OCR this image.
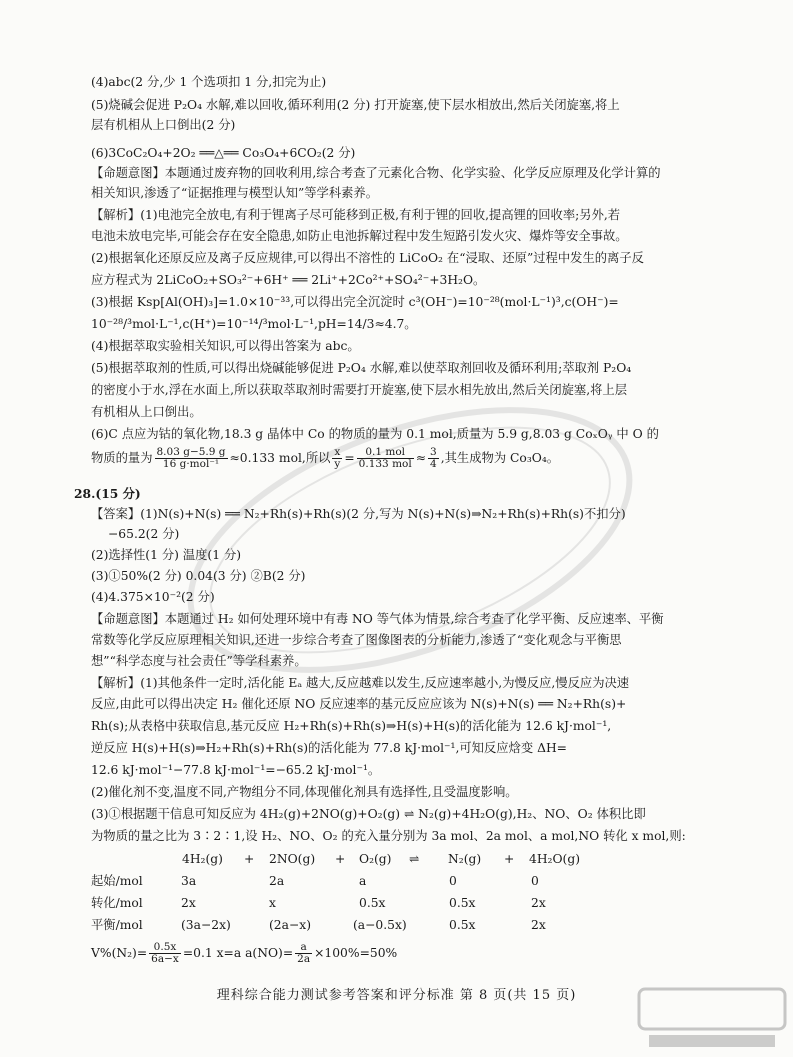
(4)abc(2 分,少 1 个选项扣 1 分,扣完为止)

(5)烧碱会促进 P₂O₄ 水解,难以回收,循环利用(2 分) 打开旋塞,使下层水相放出,然后关闭旋塞,将上

层有机相从上口倒出(2 分)

(6)3CoC₂O₄+2O₂ ══△══ Co₃O₄+6CO₂(2 分)

【命题意图】本题通过废弃物的回收利用,综合考查了元素化合物、化学实验、化学反应原理及化学计算的

相关知识,渗透了“证据推理与模型认知”等学科素养。

【解析】(1)电池完全放电,有利于锂离子尽可能移到正极,有利于锂的回收,提高锂的回收率;另外,若

电池未放电完毕,可能会存在安全隐患,如防止电池拆解过程中发生短路引发火灾、爆炸等安全事故。

(2)根据氧化还原反应及离子反应规律,可以得出不溶性的 LiCoO₂ 在“浸取、还原”过程中发生的离子反

应方程式为 2LiCoO₂+SO₃²⁻+6H⁺ ══ 2Li⁺+2Co²⁺+SO₄²⁻+3H₂O。

(3)根据 Ksp[Al(OH)₃]=1.0×10⁻³³,可以得出完全沉淀时 c³(OH⁻)=10⁻²⁸(mol·L⁻¹)³,c(OH⁻)=

10⁻²⁸/³mol·L⁻¹,c(H⁺)=10⁻¹⁴/³mol·L⁻¹,pH=14/3≈4.7。

(4)根据萃取实验相关知识,可以得出答案为 abc。

(5)根据萃取剂的性质,可以得出烧碱能够促进 P₂O₄ 水解,难以使萃取剂回收及循环利用;萃取剂 P₂O₄

的密度小于水,浮在水面上,所以获取萃取剂时需要打开旋塞,使下层水相先放出,然后关闭旋塞,将上层

有机相从上口倒出。

(6)C 点应为钴的氧化物,18.3 g 晶体中 Co 的物质的量为 0.1 mol,质量为 5.9 g,8.03 g CoₓOᵧ 中 O 的

物质的量为 $\frac{8.03 g-5.9 g}{\text{16 g·mol⁻¹}} \approx 0.133$ mol,所以 $\frac{x}{y} = \frac{\text{0.1 mol}}{\text{0.133 mol}} \approx \frac{3}{4}$ ,其生成物为 Co₃O₄。

28.(15 分)

【答案】(1)N(s)+N(s) ══ N₂+Rh(s)+Rh(s)(2 分,写为 N(s)+N(s)⇒N₂+Rh(s)+Rh(s)不扣分)

−65.2(2 分)

(2)选择性(1 分) 温度(1 分)

(3)①50%(2 分) 0.04(3 分) ②B(2 分)

(4)4.375×10⁻²(2 分)

【命题意图】本题通过 H₂ 如何处理环境中有毒 NO 等气体为情景,综合考查了化学平衡、反应速率、平衡

常数等化学反应原理相关知识,还进一步综合考查了图像图表的分析能力,渗透了“变化观念与平衡思

想”“科学态度与社会责任”等学科素养。

【解析】(1)其他条件一定时,活化能 Eₐ 越大,反应越难以发生,反应速率越小,为慢反应,慢反应为决速

反应,由此可以得出决定 H₂ 催化还原 NO 反应速率的基元反应应该为 N(s)+N(s) ══ N₂+Rh(s)+

Rh(s);从表格中获取信息,基元反应 H₂+Rh(s)+Rh(s)⇒H(s)+H(s)的活化能为 12.6 kJ·mol⁻¹,

逆反应 H(s)+H(s)⇒H₂+Rh(s)+Rh(s)的活化能为 77.8 kJ·mol⁻¹,可知反应焓变 ΔH=

12.6 kJ·mol⁻¹−77.8 kJ·mol⁻¹=−65.2 kJ·mol⁻¹。

(2)催化剂不变,温度不同,产物组分不同,体现催化剂具有选择性,且受温度影响。

(3)①根据题干信息可知反应为 4H₂(g)+2NO(g)+O₂(g) ⇌ N₂(g)+4H₂O(g),H₂、NO、O₂ 体积比即

为物质的量之比为 3∶2∶1,设 H₂、NO、O₂ 的充入量分别为 3a mol、2a mol、a mol,NO 转化 x mol,则:

4H₂(g) + 2NO(g) + O₂(g) ⇌ N₂(g) + 4H₂O(g)
起始/mol	3a	2a	a	0	0
转化/mol	2x	x	0.5x	0.5x	2x
平衡/mol	(3a−2x)	(2a−x)	(a−0.5x)	0.5x	2x
$V\%(N_2)= \frac{0.5x}{6a-x} =0.1$ x=a $a(NO)= \frac{a}{2a} \times 100\%=50\%$
理科综合能力测试参考答案和评分标准 第 8 页(共 15 页)
